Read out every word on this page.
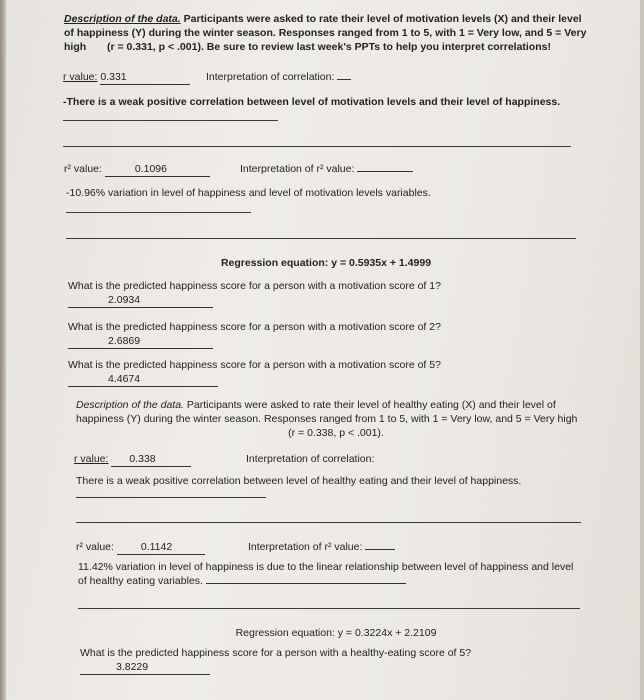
Description of the data. Participants were asked to rate their level of motivation levels (X) and their level of happiness (Y) during the winter season. Responses ranged from 1 to 5, with 1 = Very low, and 5 = Very high	(r = 0.331, p < .001). Be sure to review last week's PPTs to help you interpret correlations!
r value: 0.331	Interpretation of correlation:
-There is a weak positive correlation between level of motivation levels and their level of happiness.
r² value:	0.1096	Interpretation of r² value:
-10.96% variation in level of happiness and level of motivation levels variables.
Regression equation: y = 0.5935x + 1.4999
What is the predicted happiness score for a person with a motivation score of 1?
2.0934
What is the predicted happiness score for a person with a motivation score of 2?
2.6869
What is the predicted happiness score for a person with a motivation score of 5?
4.4674
Description of the data. Participants were asked to rate their level of healthy eating (X) and their level of happiness (Y) during the winter season. Responses ranged from 1 to 5, with 1 = Very low, and 5 = Very high
(r = 0.338, p < .001).
r value: 0.338	Interpretation of correlation:
There is a weak positive correlation between level of healthy eating and their level of happiness.
r² value:	0.1142	Interpretation of r² value:
11.42% variation in level of happiness is due to the linear relationship between level of happiness and level of healthy eating variables.
Regression equation: y = 0.3224x + 2.2109
What is the predicted happiness score for a person with a healthy-eating score of 5?
3.8229
